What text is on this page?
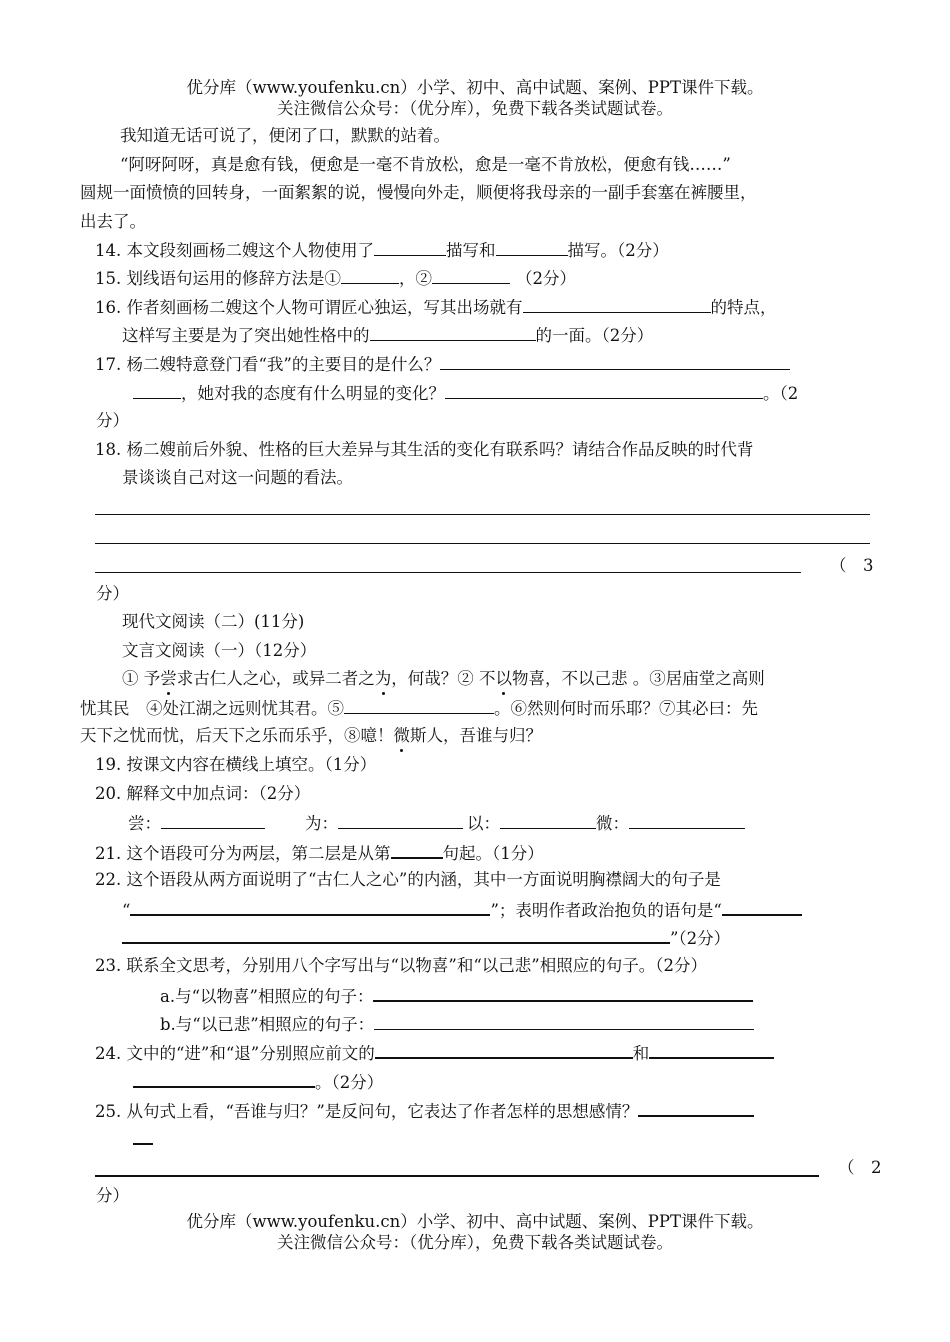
优分库（www.youfenku.cn）小学、初中、高中试题、案例、PPT课件下载。
关注微信公众号：（优分库），免费下载各类试题试卷。
我知道无话可说了，便闭了口，默默的站着。
“阿呀阿呀，真是愈有钱，便愈是一毫不肯放松，愈是一毫不肯放松，便愈有钱……”
圆规一面愤愤的回转身，一面絮絮的说，慢慢向外走，顺便将我母亲的一副手套塞在裤腰里，
出去了。
14. 本文段刻画杨二嫂这个人物使用了	描写和	描写。（2分）
15. 划线语句运用的修辞方法是①	，②	（2分）
16. 作者刻画杨二嫂这个人物可谓匠心独运，写其出场就有	的特点，
这样写主要是为了突出她性格中的	的一面。（2分）
17. 杨二嫂特意登门看“我”的主要目的是什么？
，她对我的态度有什么明显的变化？	。（2
分）
18. 杨二嫂前后外貌、性格的巨大差异与其生活的变化有联系吗？请结合作品反映的时代背
景谈谈自己对这一问题的看法。
（　3
分）
现代文阅读（二）(11分)
文言文阅读（一）（12分）
① 予尝求古仁人之心，或异二者之为，何哉？② 不以物喜，不以己悲 。③居庙堂之高则
忧其民　④处江湖之远则忧其君。⑤	。⑥然则何时而乐耶？⑦其必曰：先
天下之忧而忧，后天下之乐而乐乎，⑧噫！微斯人，吾谁与归？
19. 按课文内容在横线上填空。（1分）
20. 解释文中加点词：（2分）
尝：	为：	以：	微：
21. 这个语段可分为两层，第二层是从第	句起。（1分）
22. 这个语段从两方面说明了“古仁人之心”的内涵，其中一方面说明胸襟阔大的句子是
“	”；表明作者政治抱负的语句是“
”（2分）
23. 联系全文思考，分别用八个字写出与“以物喜”和“以己悲”相照应的句子。（2分）
a.与“以物喜”相照应的句子：
b.与“以已悲”相照应的句子：
24. 文中的“进”和“退”分别照应前文的	和
。（2分）
25. 从句式上看，“吾谁与归？”是反问句，它表达了作者怎样的思想感情？
（　2
分）
优分库（www.youfenku.cn）小学、初中、高中试题、案例、PPT课件下载。
关注微信公众号：（优分库），免费下载各类试题试卷。
